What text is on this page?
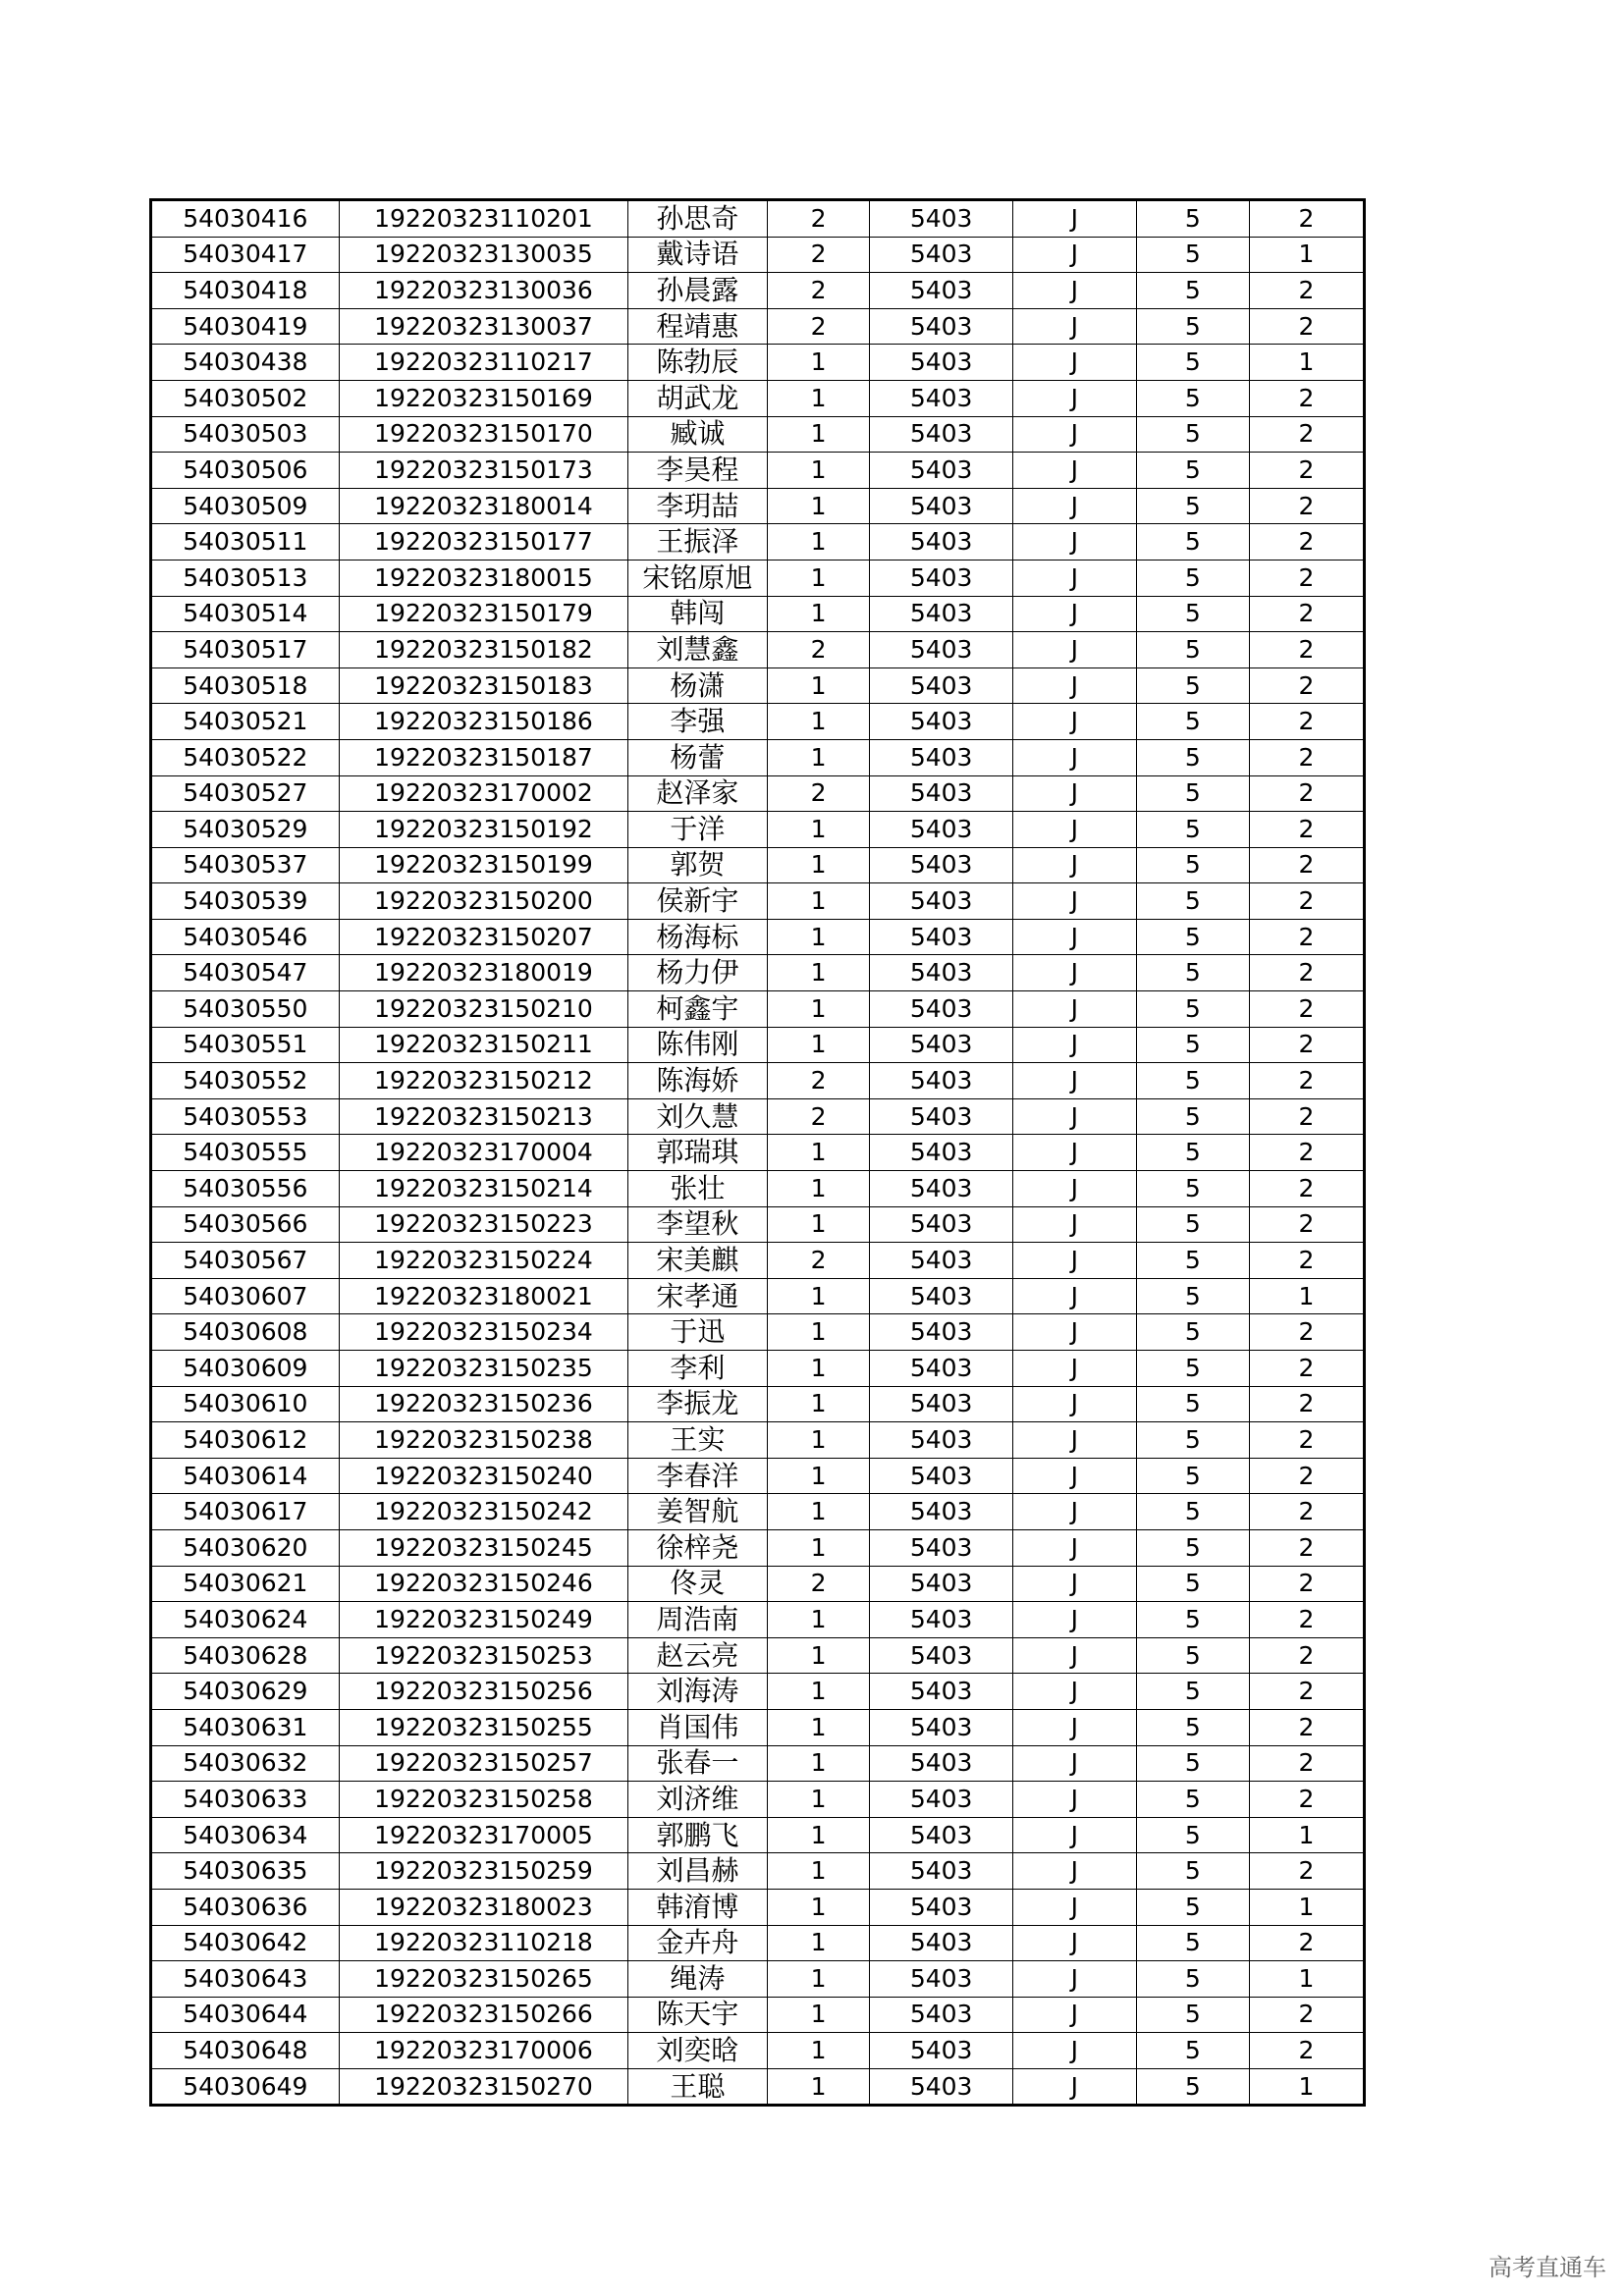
54030416	19220323110201	孙思奇	2	5403	J	5	2
54030417	19220323130035	戴诗语	2	5403	J	5	1
54030418	19220323130036	孙晨露	2	5403	J	5	2
54030419	19220323130037	程靖惠	2	5403	J	5	2
54030438	19220323110217	陈勃辰	1	5403	J	5	1
54030502	19220323150169	胡武龙	1	5403	J	5	2
54030503	19220323150170	臧诚	1	5403	J	5	2
54030506	19220323150173	李昊程	1	5403	J	5	2
54030509	19220323180014	李玥喆	1	5403	J	5	2
54030511	19220323150177	王振泽	1	5403	J	5	2
54030513	19220323180015	宋铭原旭	1	5403	J	5	2
54030514	19220323150179	韩闯	1	5403	J	5	2
54030517	19220323150182	刘慧鑫	2	5403	J	5	2
54030518	19220323150183	杨潇	1	5403	J	5	2
54030521	19220323150186	李强	1	5403	J	5	2
54030522	19220323150187	杨蕾	1	5403	J	5	2
54030527	19220323170002	赵泽家	2	5403	J	5	2
54030529	19220323150192	于洋	1	5403	J	5	2
54030537	19220323150199	郭贺	1	5403	J	5	2
54030539	19220323150200	侯新宇	1	5403	J	5	2
54030546	19220323150207	杨海标	1	5403	J	5	2
54030547	19220323180019	杨力伊	1	5403	J	5	2
54030550	19220323150210	柯鑫宇	1	5403	J	5	2
54030551	19220323150211	陈伟刚	1	5403	J	5	2
54030552	19220323150212	陈海娇	2	5403	J	5	2
54030553	19220323150213	刘久慧	2	5403	J	5	2
54030555	19220323170004	郭瑞琪	1	5403	J	5	2
54030556	19220323150214	张壮	1	5403	J	5	2
54030566	19220323150223	李望秋	1	5403	J	5	2
54030567	19220323150224	宋美麒	2	5403	J	5	2
54030607	19220323180021	宋孝通	1	5403	J	5	1
54030608	19220323150234	于迅	1	5403	J	5	2
54030609	19220323150235	李利	1	5403	J	5	2
54030610	19220323150236	李振龙	1	5403	J	5	2
54030612	19220323150238	王实	1	5403	J	5	2
54030614	19220323150240	李春洋	1	5403	J	5	2
54030617	19220323150242	姜智航	1	5403	J	5	2
54030620	19220323150245	徐梓尧	1	5403	J	5	2
54030621	19220323150246	佟灵	2	5403	J	5	2
54030624	19220323150249	周浩南	1	5403	J	5	2
54030628	19220323150253	赵云亮	1	5403	J	5	2
54030629	19220323150256	刘海涛	1	5403	J	5	2
54030631	19220323150255	肖国伟	1	5403	J	5	2
54030632	19220323150257	张春一	1	5403	J	5	2
54030633	19220323150258	刘济维	1	5403	J	5	2
54030634	19220323170005	郭鹏飞	1	5403	J	5	1
54030635	19220323150259	刘昌赫	1	5403	J	5	2
54030636	19220323180023	韩淯博	1	5403	J	5	1
54030642	19220323110218	金卉舟	1	5403	J	5	2
54030643	19220323150265	绳涛	1	5403	J	5	1
54030644	19220323150266	陈天宇	1	5403	J	5	2
54030648	19220323170006	刘奕晗	1	5403	J	5	2
54030649	19220323150270	王聪	1	5403	J	5	1
高考直通车
